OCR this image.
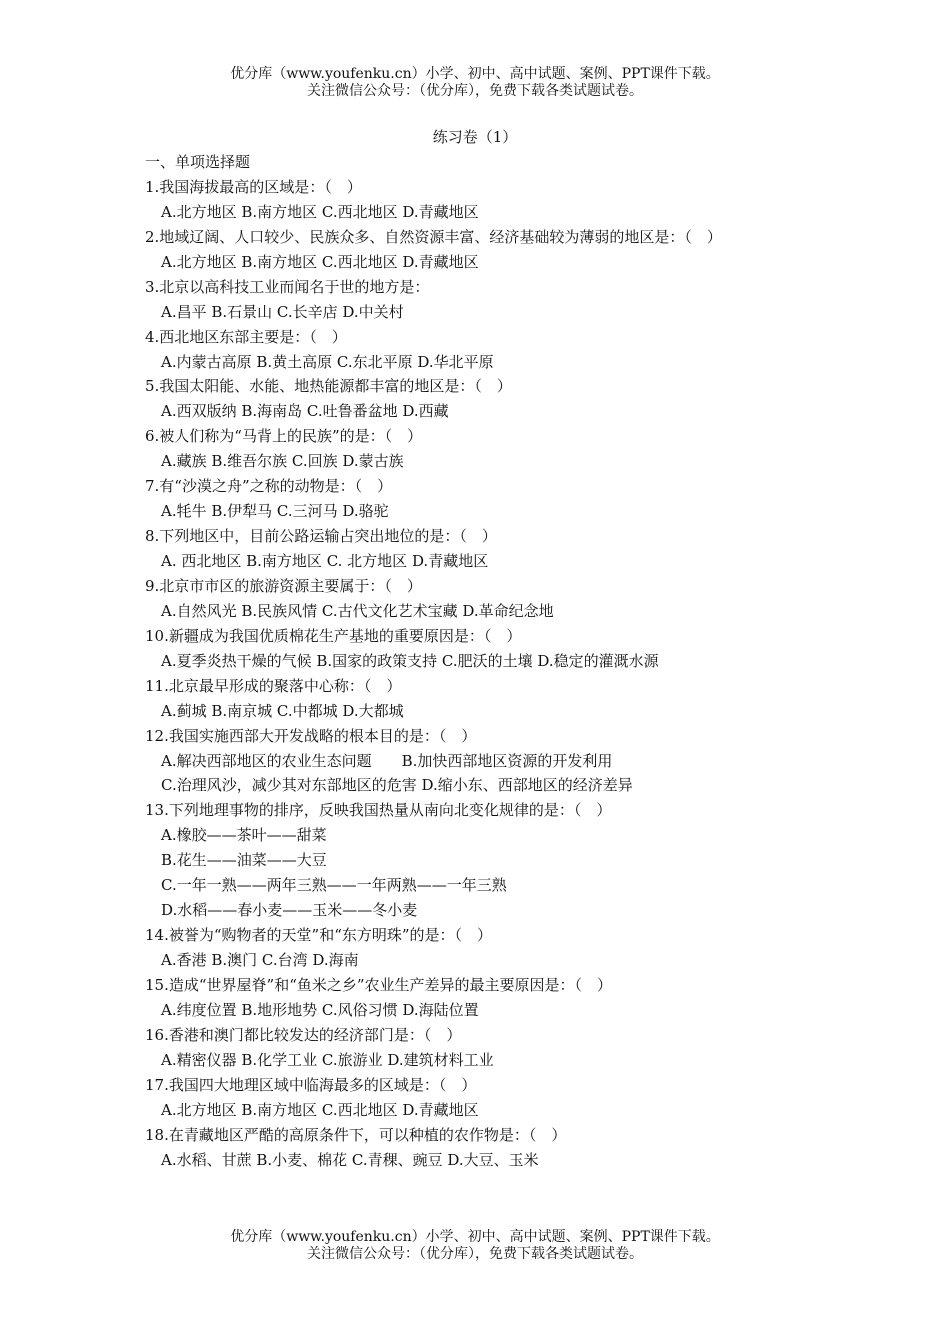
优分库（www.youfenku.cn）小学、初中、高中试题、案例、PPT课件下载。
关注微信公众号：（优分库），免费下载各类试题试卷。
练习卷（1）
一、单项选择题
1.我国海拔最高的区域是：（　）
A.北方地区 B.南方地区 C.西北地区 D.青藏地区
2.地域辽阔、人口较少、民族众多、自然资源丰富、经济基础较为薄弱的地区是：（　）
A.北方地区 B.南方地区 C.西北地区 D.青藏地区
3.北京以高科技工业而闻名于世的地方是：
A.昌平 B.石景山 C.长辛店 D.中关村
4.西北地区东部主要是：（　）
A.内蒙古高原 B.黄土高原 C.东北平原 D.华北平原
5.我国太阳能、水能、地热能源都丰富的地区是：（　）
A.西双版纳 B.海南岛 C.吐鲁番盆地 D.西藏
6.被人们称为“马背上的民族”的是：（　）
A.藏族 B.维吾尔族 C.回族 D.蒙古族
7.有“沙漠之舟”之称的动物是：（　）
A.牦牛 B.伊犁马 C.三河马 D.骆驼
8.下列地区中，目前公路运输占突出地位的是：（　）
A. 西北地区 B.南方地区 C. 北方地区 D.青藏地区
9.北京市市区的旅游资源主要属于：（　）
A.自然风光 B.民族风情 C.古代文化艺术宝藏 D.革命纪念地
10.新疆成为我国优质棉花生产基地的重要原因是：（　）
A.夏季炎热干燥的气候 B.国家的政策支持 C.肥沃的土壤 D.稳定的灌溉水源
11.北京最早形成的聚落中心称：（　）
A.蓟城 B.南京城 C.中都城 D.大都城
12.我国实施西部大开发战略的根本目的是：（　）
A.解决西部地区的农业生态问题　　B.加快西部地区资源的开发利用
C.治理风沙，减少其对东部地区的危害 D.缩小东、西部地区的经济差异
13.下列地理事物的排序，反映我国热量从南向北变化规律的是：（　）
A.橡胶——茶叶——甜菜
B.花生——油菜——大豆
C.一年一熟——两年三熟——一年两熟——一年三熟
D.水稻——春小麦——玉米——冬小麦
14.被誉为“购物者的天堂”和“东方明珠”的是：（　）
A.香港 B.澳门 C.台湾 D.海南
15.造成“世界屋脊”和“鱼米之乡”农业生产差异的最主要原因是：（　）
A.纬度位置 B.地形地势 C.风俗习惯 D.海陆位置
16.香港和澳门都比较发达的经济部门是：（　）
A.精密仪器 B.化学工业 C.旅游业 D.建筑材料工业
17.我国四大地理区域中临海最多的区域是：（　）
A.北方地区 B.南方地区 C.西北地区 D.青藏地区
18.在青藏地区严酷的高原条件下，可以种植的农作物是：（　）
A.水稻、甘蔗 B.小麦、棉花 C.青稞、豌豆 D.大豆、玉米
优分库（www.youfenku.cn）小学、初中、高中试题、案例、PPT课件下载。
关注微信公众号：（优分库），免费下载各类试题试卷。
